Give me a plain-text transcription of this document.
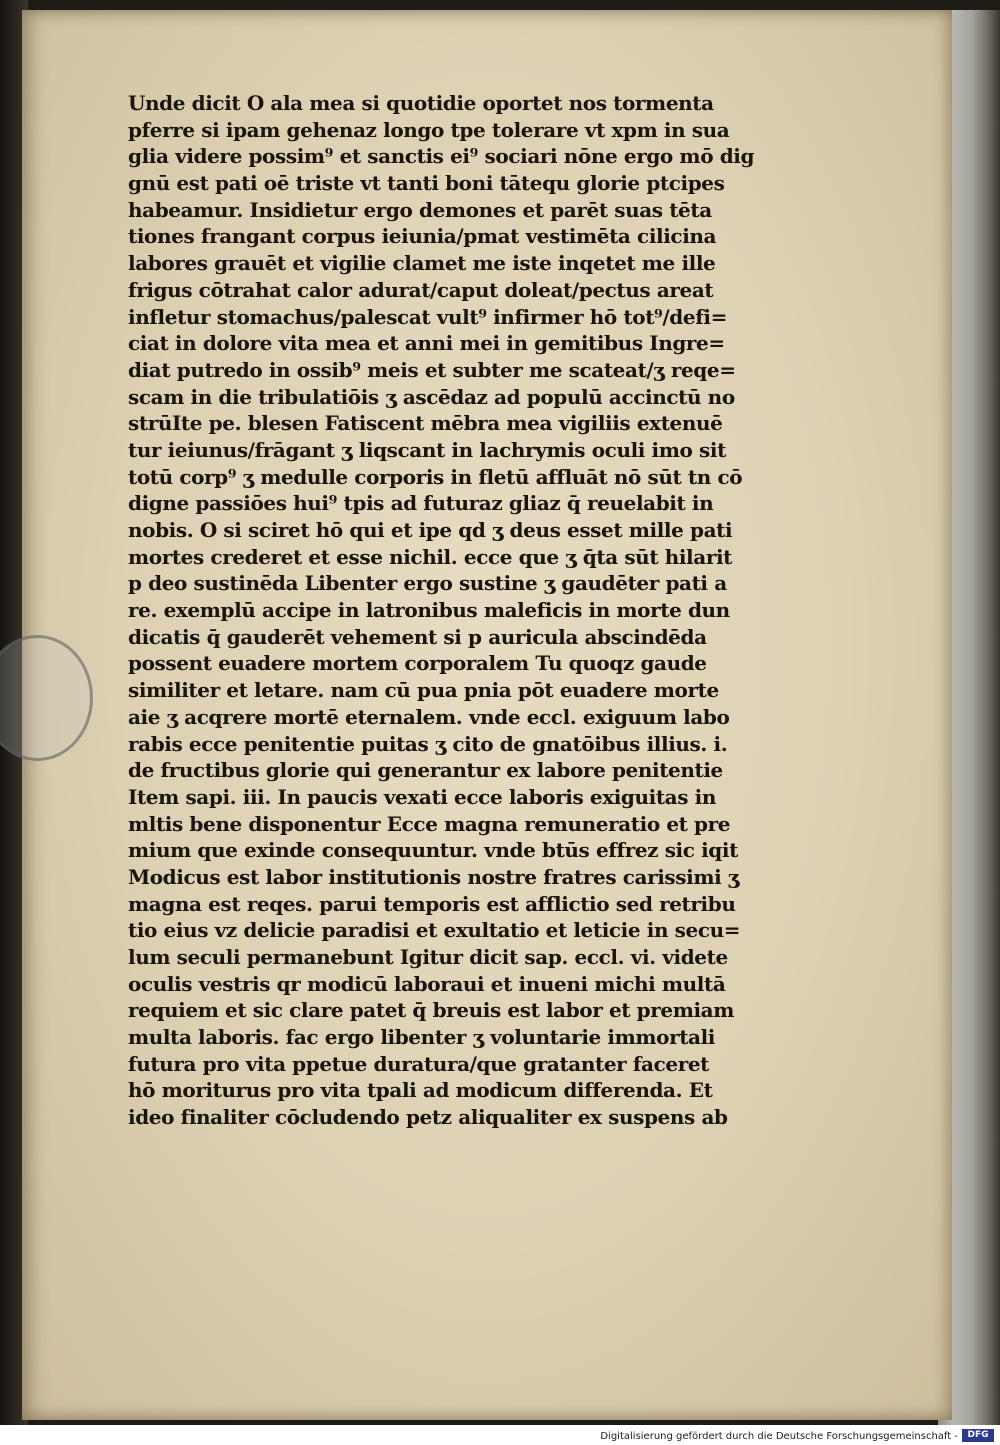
Unde dicit O ala mea si quotidie oportet nos tormenta
pferre si ipam gehenaz longo tpe tolerare vt xpm in sua
glia videre possim⁹ et sanctis ei⁹ sociari nōne ergo mō dig
gnū est pati oē triste vt tanti boni tātequ glorie ptcipes
habeamur. Insidietur ergo demones et parēt suas tēta
tiones frangant corpus ieiunia/pmat vestimēta cilicina
labores grauēt et vigilie clamet me iste inqetet me ille
frigus cōtrahat calor adurat/caput doleat/pectus areat
infletur stomachus/palescat vult⁹ infirmer hō tot⁹/defi=
ciat in dolore vita mea et anni mei in gemitibus Ingre=
diat putredo in ossib⁹ meis et subter me scateat/ʒ reqe=
scam in die tribulatiōis ʒ ascēdaz ad populū accinctū no
strūIte pe. blesen Fatiscent mēbra mea vigiliis extenuē
tur ieiunus/frāgant ʒ liqscant in lachrymis oculi imo sit
totū corp⁹ ʒ medulle corporis in fletū affluāt nō sūt tn cō
digne passiōes hui⁹ tpis ad futuraz gliaz q̄ reuelabit in
nobis. O si sciret hō qui et ipe qd ʒ deus esset mille pati
mortes crederet et esse nichil. ecce que ʒ q̄ta sūt hilarit
p deo sustinēda Libenter ergo sustine ʒ gaudēter pati a
re. exemplū accipe in latronibus maleficis in morte dun
dicatis q̄ gauderēt vehement si p auricula abscindēda
possent euadere mortem corporalem Tu quoqz gaude
similiter et letare. nam cū pua pnia pōt euadere morte
aie ʒ acqrere mortē eternalem. vnde eccl. exiguum labo
rabis ecce penitentie puitas ʒ cito de gnatōibus illius. i.
de fructibus glorie qui generantur ex labore penitentie
Item sapi. iii. In paucis vexati ecce laboris exiguitas in
mltis bene disponentur Ecce magna remuneratio et pre
mium que exinde consequuntur. vnde btūs effrez sic iqit
Modicus est labor institutionis nostre fratres carissimi ʒ
magna est reqes. parui temporis est afflictio sed retribu
tio eius vz delicie paradisi et exultatio et leticie in secu=
lum seculi permanebunt Igitur dicit sap. eccl. vi. videte
oculis vestris qr modicū laboraui et inueni michi multā
requiem et sic clare patet q̄ breuis est labor et premiam
multa laboris. fac ergo libenter ʒ voluntarie immortali
futura pro vita ppetue duratura/que gratanter faceret
hō moriturus pro vita tpali ad modicum differenda. Et
ideo finaliter cōcludendo petz aliqualiter ex suspens ab
Digitalisierung gefördert durch die Deutsche Forschungsgemeinschaft -	DFG
